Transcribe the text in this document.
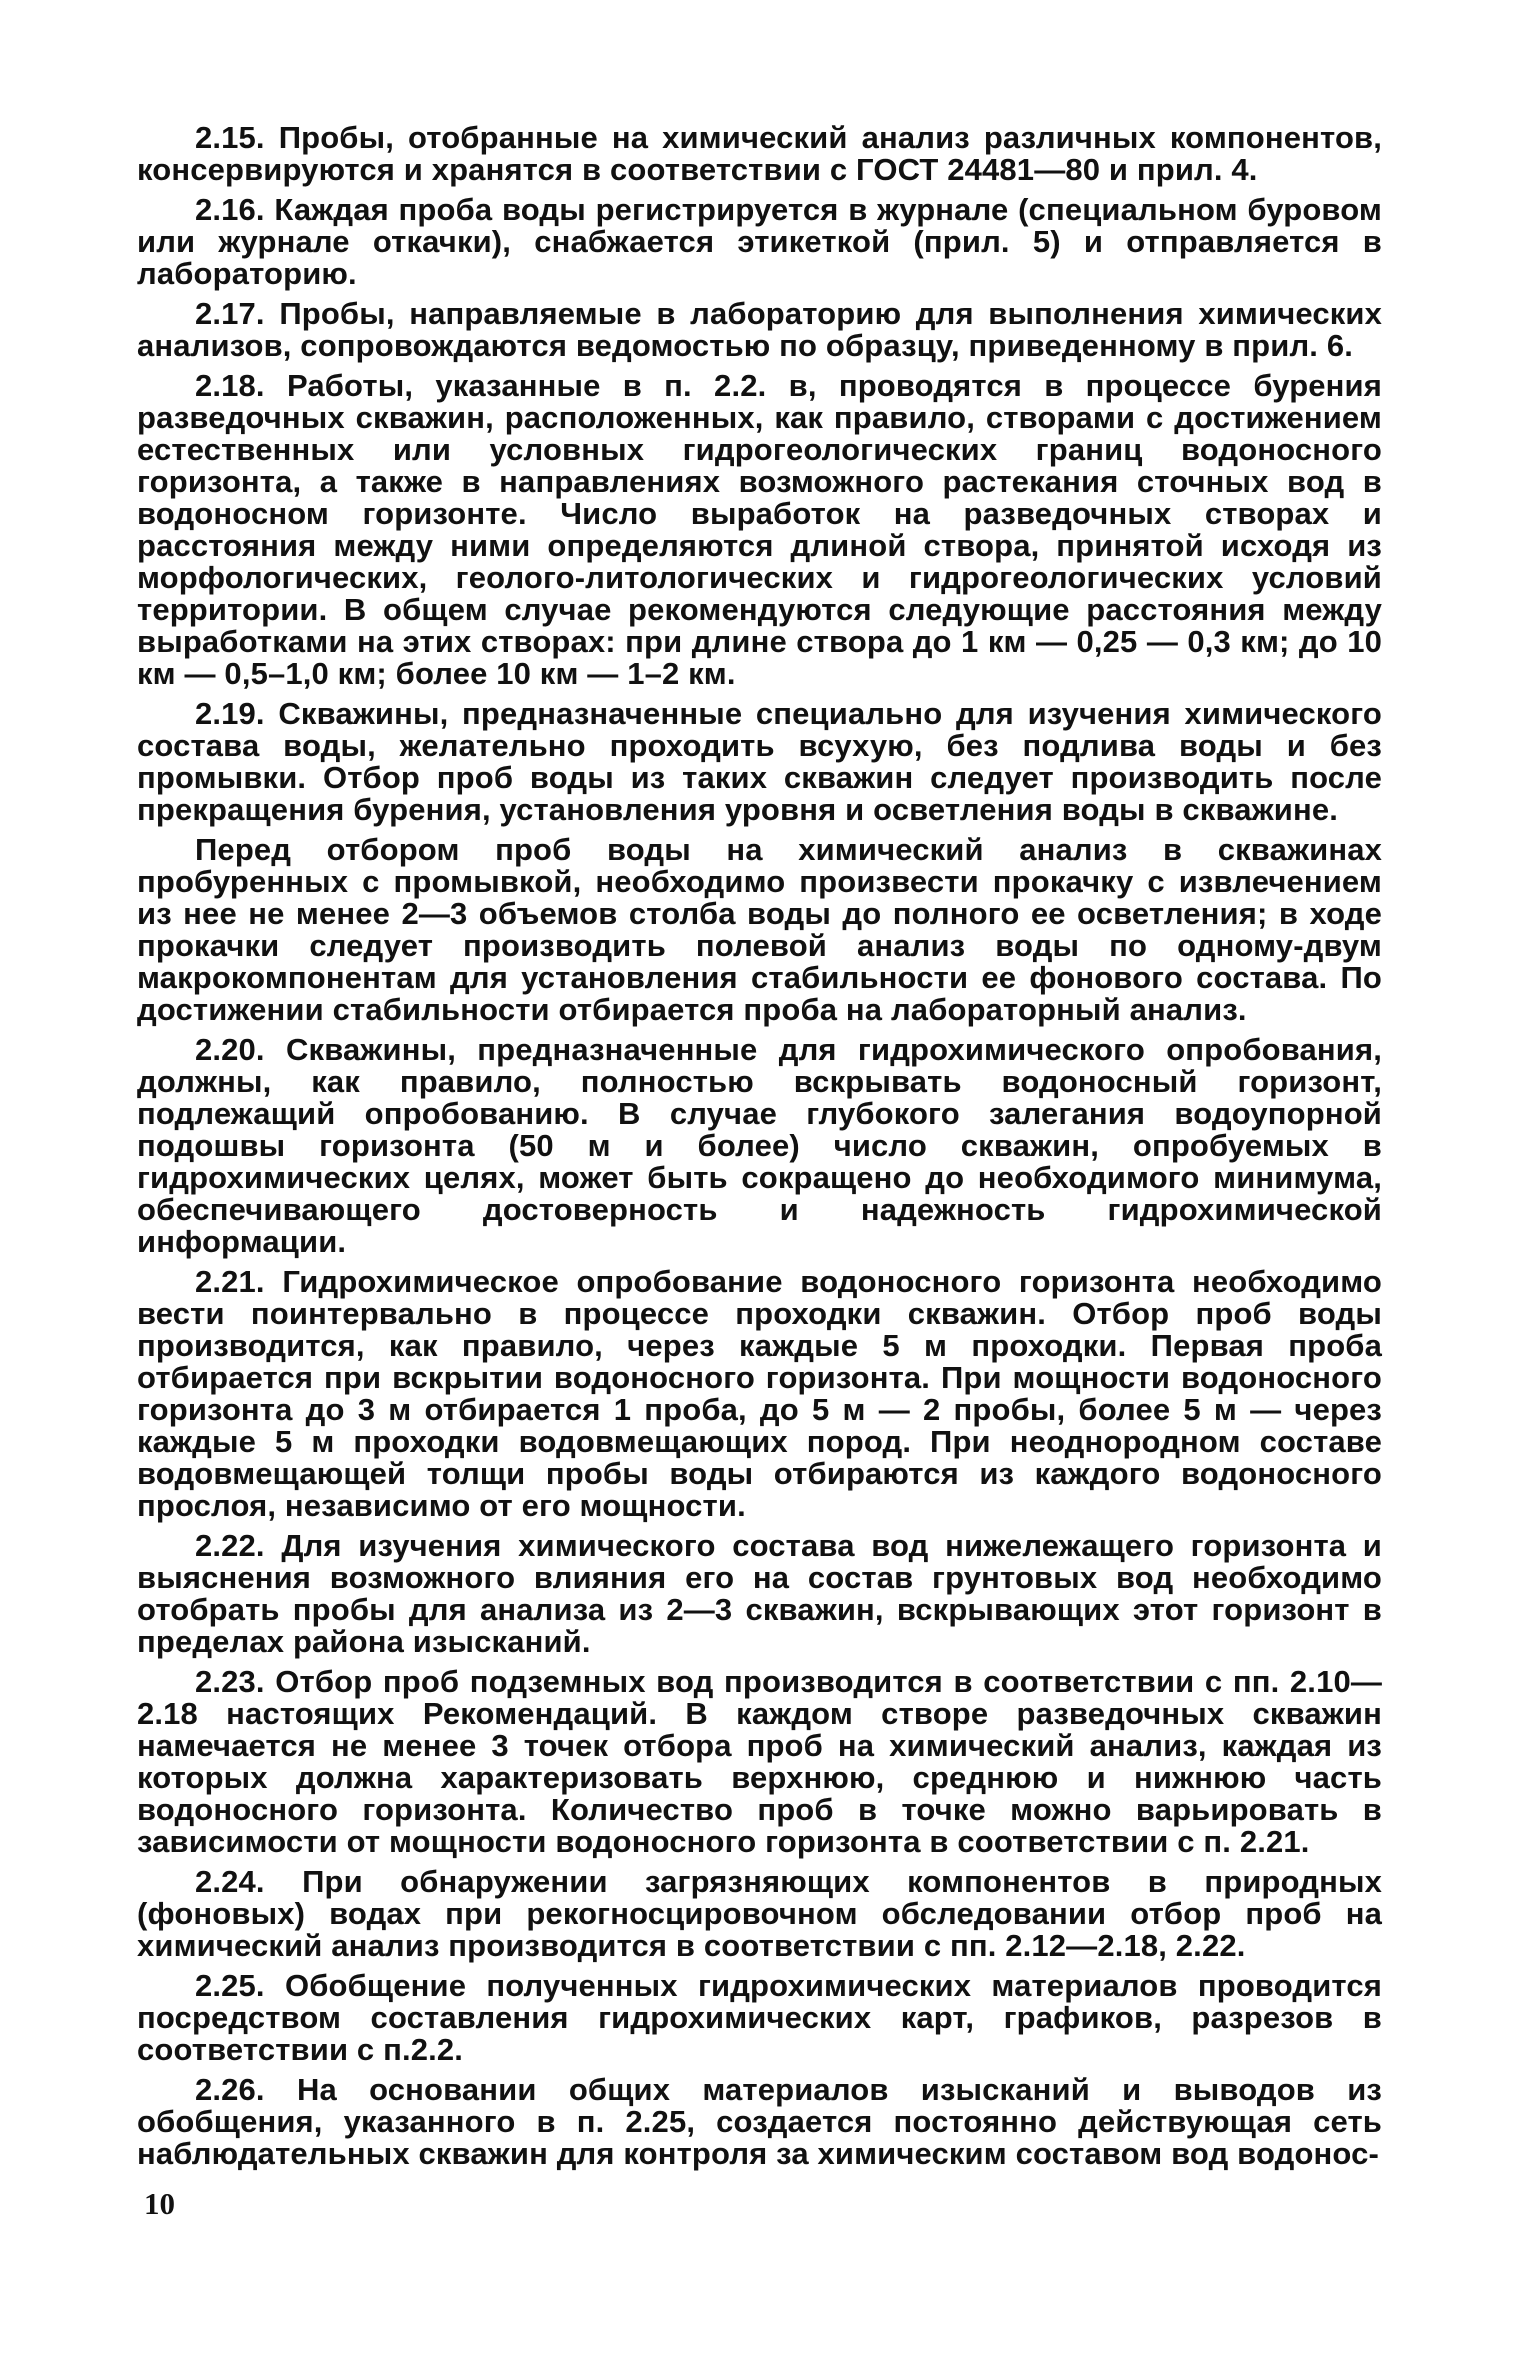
2.15. Пробы, отобранные на химический анализ различных компонентов, консервируются и хранятся в соответствии с ГОСТ 24481—80 и прил. 4.

2.16. Каждая проба воды регистрируется в журнале (специальном буровом или журнале откачки), снабжается этикеткой (прил. 5) и отправляется в лабораторию.

2.17. Пробы, направляемые в лабораторию для выполнения химических анализов, сопровождаются ведомостью по образцу, приведенному в прил. 6.

2.18. Работы, указанные в п. 2.2. в, проводятся в процессе бурения разведочных скважин, расположенных, как правило, створами с достижением естественных или условных гидрогеологических границ водоносного горизонта, а также в направлениях возможного растекания сточных вод в водоносном горизонте. Число выработок на разведочных створах и расстояния между ними определяются длиной створа, принятой исходя из морфологических, геолого-литологических и гидрогеологических условий территории. В общем случае рекомендуются следующие расстояния между выработками на этих створах: при длине створа до 1 км — 0,25 — 0,3 км; до 10 км — 0,5–1,0 км; более 10 км — 1–2 км.

2.19. Скважины, предназначенные специально для изучения химического состава воды, желательно проходить всухую, без подлива воды и без промывки. Отбор проб воды из таких скважин следует производить после прекращения бурения, установления уровня и осветления воды в скважине.

Перед отбором проб воды на химический анализ в скважинах пробуренных с промывкой, необходимо произвести прокачку с извлечением из нее не менее 2—3 объемов столба воды до полного ее осветления; в ходе прокачки следует производить полевой анализ воды по одному-двум макрокомпонентам для установления стабильности ее фонового состава. По достижении стабильности отбирается проба на лабораторный анализ.

2.20. Скважины, предназначенные для гидрохимического опробования, должны, как правило, полностью вскрывать водоносный горизонт, подлежащий опробованию. В случае глубокого залегания водоупорной подошвы горизонта (50 м и более) число скважин, опробуемых в гидрохимических целях, может быть сокращено до необходимого минимума, обеспечивающего достоверность и надежность гидрохимической информации.

2.21. Гидрохимическое опробование водоносного горизонта необходимо вести поинтервально в процессе проходки скважин. Отбор проб воды производится, как правило, через каждые 5 м проходки. Первая проба отбирается при вскрытии водоносного горизонта. При мощности водоносного горизонта до 3 м отбирается 1 проба, до 5 м — 2 пробы, более 5 м — через каждые 5 м проходки водовмещающих пород. При неоднородном составе водовмещающей толщи пробы воды отбираются из каждого водоносного прослоя, независимо от его мощности.

2.22. Для изучения химического состава вод нижележащего горизонта и выяснения возможного влияния его на состав грунтовых вод необходимо отобрать пробы для анализа из 2—3 скважин, вскрывающих этот горизонт в пределах района изысканий.

2.23. Отбор проб подземных вод производится в соответствии с пп. 2.10—2.18 настоящих Рекомендаций. В каждом створе разведочных скважин намечается не менее 3 точек отбора проб на химический анализ, каждая из которых должна характеризовать верхнюю, среднюю и нижнюю часть водоносного горизонта. Количество проб в точке можно варьировать в зависимости от мощности водоносного горизонта в соответствии с п. 2.21.

2.24. При обнаружении загрязняющих компонентов в природных (фоновых) водах при рекогносцировочном обследовании отбор проб на химический анализ производится в соответствии с пп. 2.12—2.18, 2.22.

2.25. Обобщение полученных гидрохимических материалов проводится посредством составления гидрохимических карт, графиков, разрезов в соответствии с п.2.2.

2.26. На основании общих материалов изысканий и выводов из обобщения, указанного в п. 2.25, создается постоянно действующая сеть наблюдательных скважин для контроля за химическим составом вод водонос-

10
